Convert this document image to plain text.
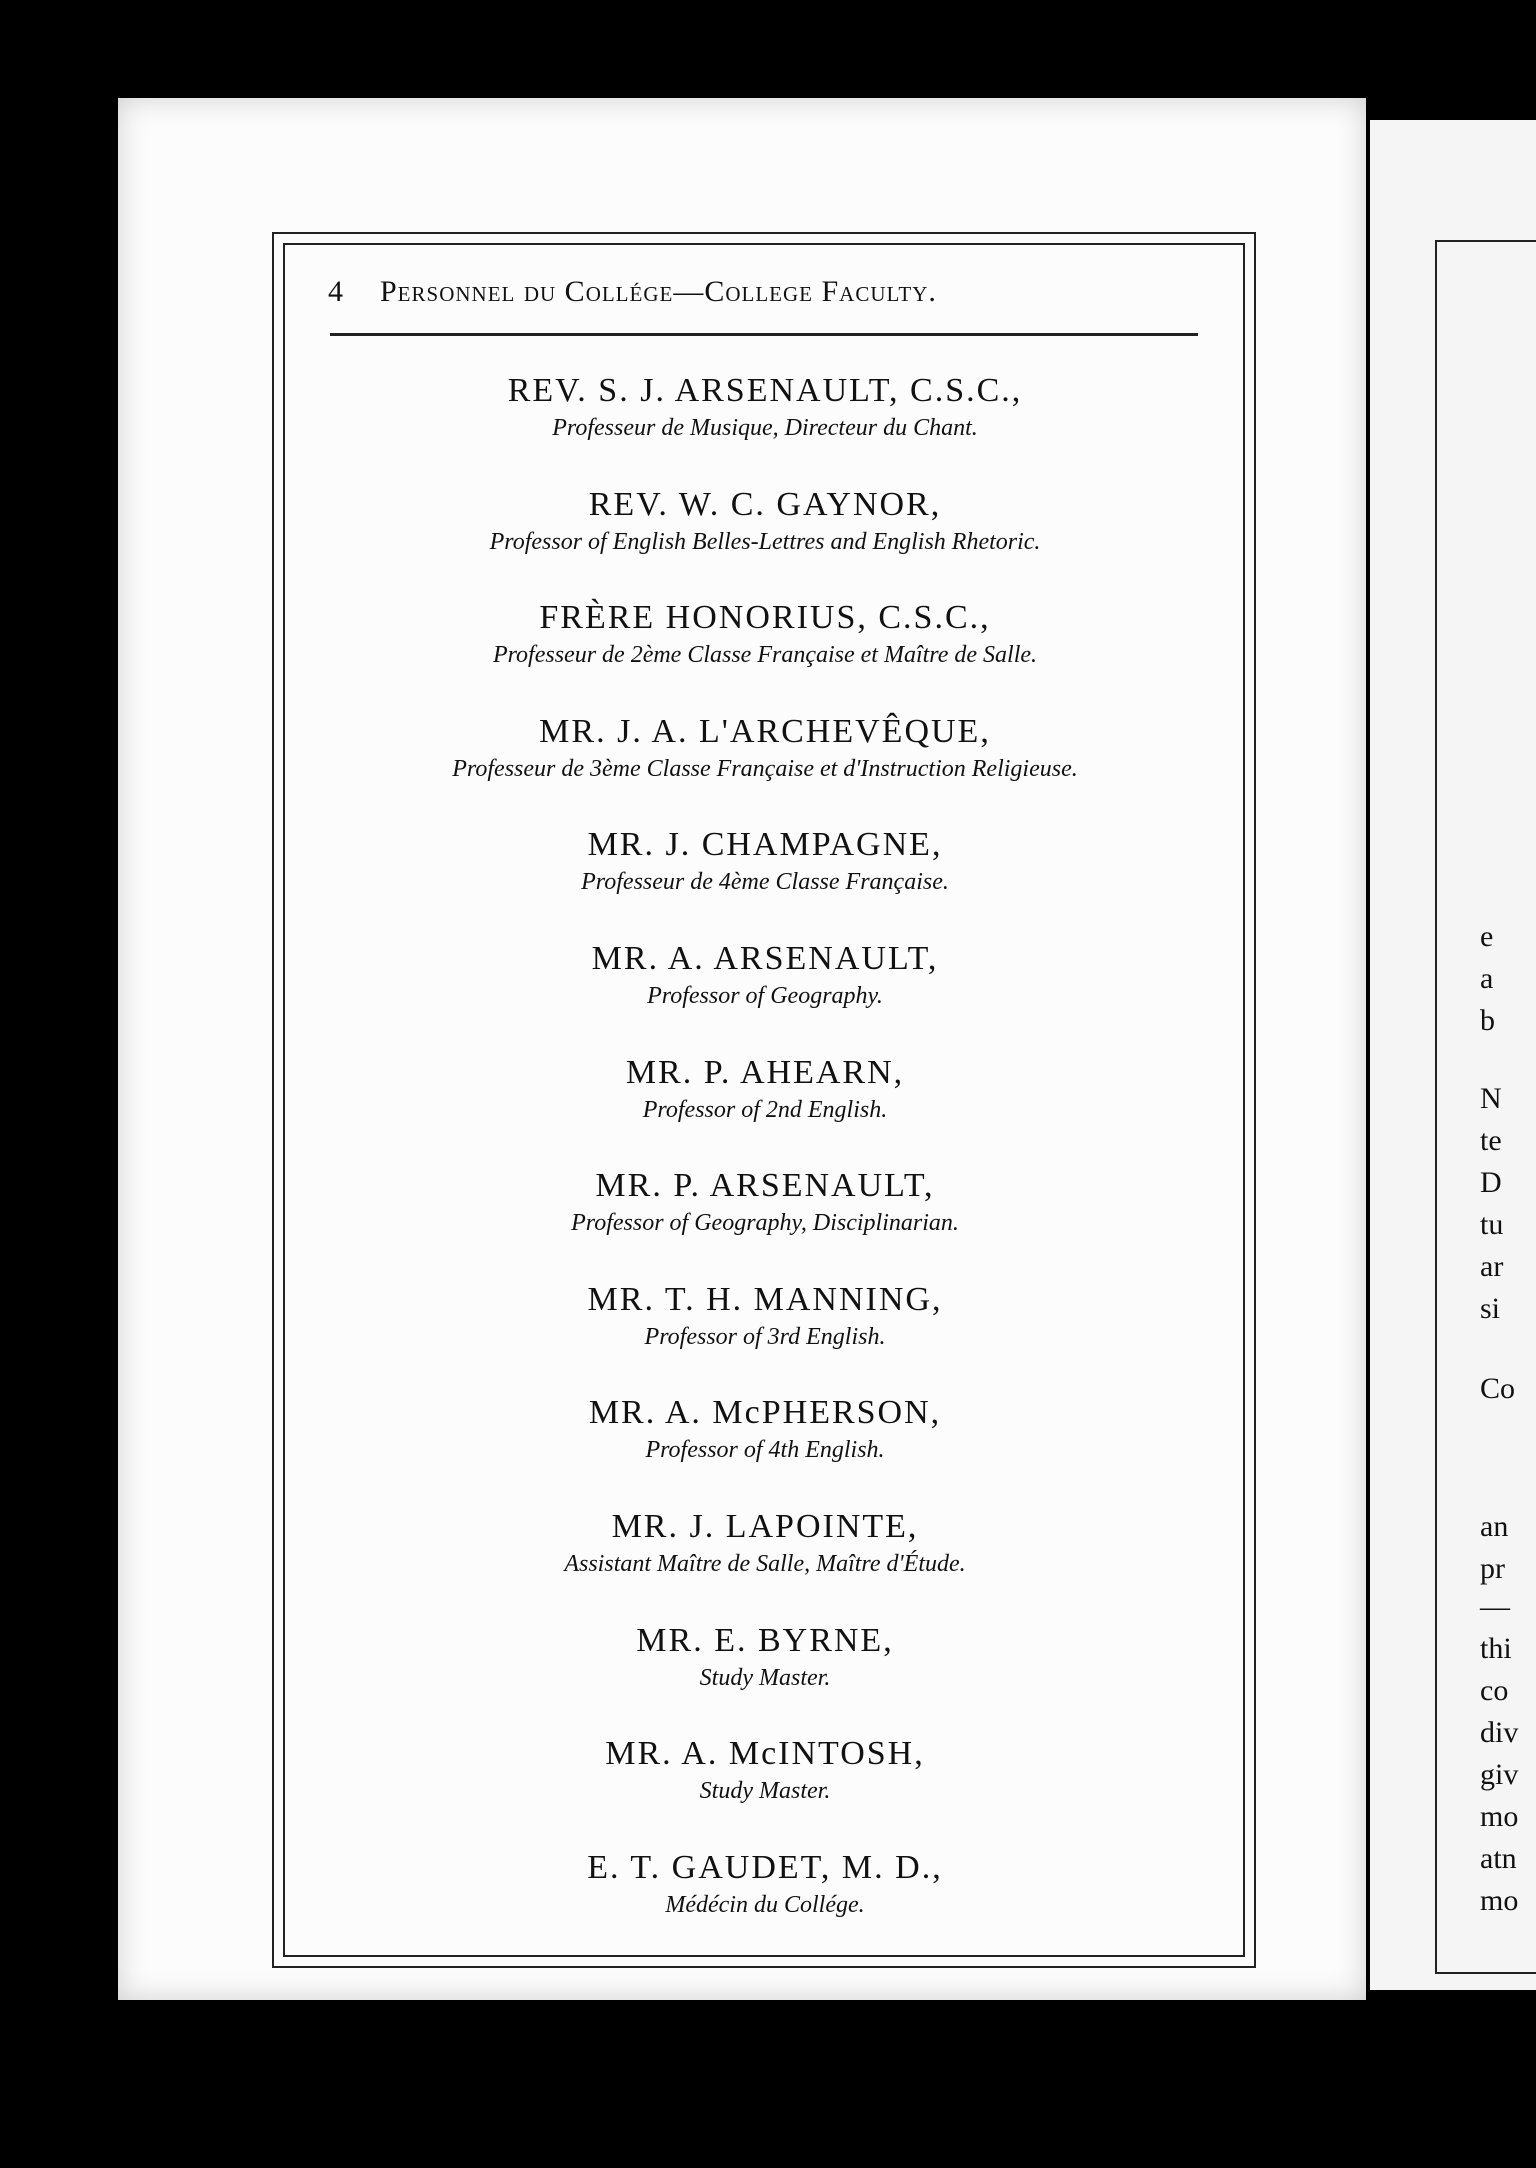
4 Personnel du Collége—College Faculty.
REV. S. J. ARSENAULT, C.S.C.,
Professeur de Musique, Directeur du Chant.
REV. W. C. GAYNOR,
Professor of English Belles-Lettres and English Rhetoric.
FRÈRE HONORIUS, C.S.C.,
Professeur de 2ème Classe Française et Maître de Salle.
MR. J. A. L'ARCHEVÊQUE,
Professeur de 3ème Classe Française et d'Instruction Religieuse.
MR. J. CHAMPAGNE,
Professeur de 4ème Classe Française.
MR. A. ARSENAULT,
Professor of Geography.
MR. P. AHEARN,
Professor of 2nd English.
MR. P. ARSENAULT,
Professor of Geography, Disciplinarian.
MR. T. H. MANNING,
Professor of 3rd English.
MR. A. McPHERSON,
Professor of 4th English.
MR. J. LAPOINTE,
Assistant Maître de Salle, Maître d'Étude.
MR. E. BYRNE,
Study Master.
MR. A. McINTOSH,
Study Master.
E. T. GAUDET, M. D.,
Médécin du Collége.
e
a
b
N
te
D
tu
ar
si
Co
an
pr
—
thi
co
div
giv
mo
atn
mo
